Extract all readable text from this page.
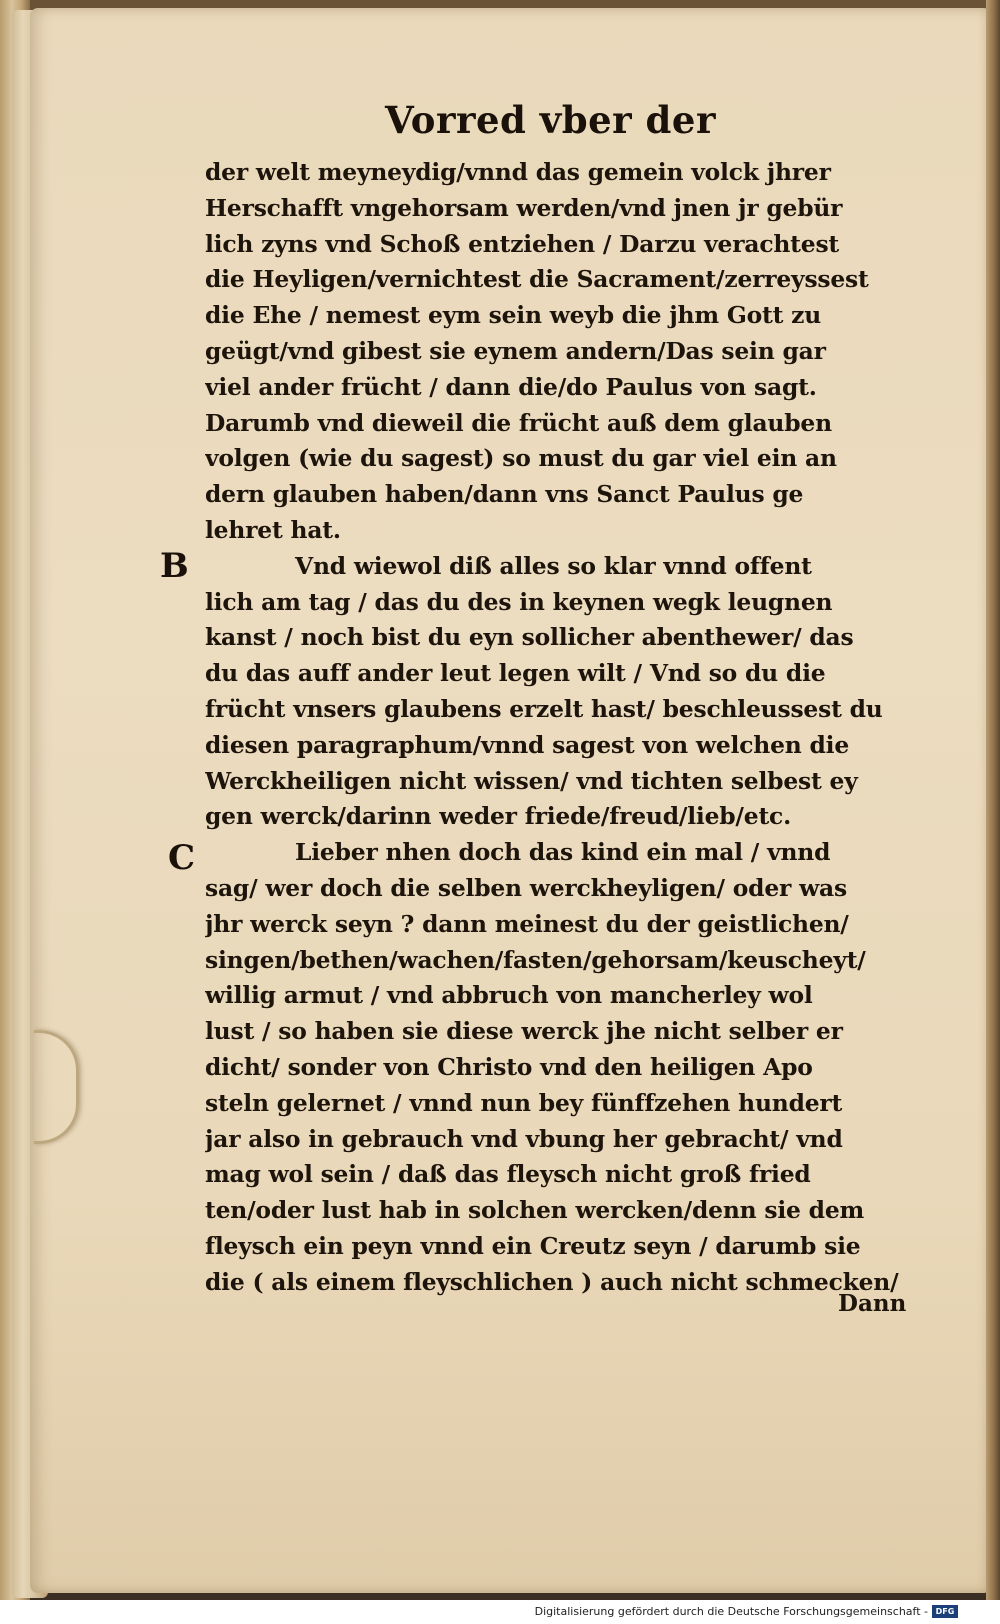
Vorred vber der
B
C
der welt meyneydig/vnnd das gemein volck jhrer
Herschafft vngehorsam werden/vnd jnen jr gebür
lich zyns vnd Schoß entziehen / Darzu verachtest
die Heyligen/vernichtest die Sacrament/zerreyssest
die Ehe / nemest eym sein weyb die jhm Gott zu
geügt/vnd gibest sie eynem andern/Das sein gar
viel ander frücht / dann die/do Paulus von sagt.
Darumb vnd dieweil die frücht auß dem glauben
volgen (wie du sagest) so must du gar viel ein an
dern glauben haben/dann vns Sanct Paulus ge
lehret hat.
Vnd wiewol diß alles so klar vnnd offent
lich am tag / das du des in keynen wegk leugnen
kanst / noch bist du eyn sollicher abenthewer/ das
du das auff ander leut legen wilt / Vnd so du die
frücht vnsers glaubens erzelt hast/ beschleussest du
diesen paragraphum/vnnd sagest von welchen die
Werckheiligen nicht wissen/ vnd tichten selbest ey
gen werck/darinn weder friede/freud/lieb/etc.
Lieber nhen doch das kind ein mal / vnnd
sag/ wer doch die selben werckheyligen/ oder was
jhr werck seyn ? dann meinest du der geistlichen/
singen/bethen/wachen/fasten/gehorsam/keuscheyt/
willig armut / vnd abbruch von mancherley wol
lust / so haben sie diese werck jhe nicht selber er
dicht/ sonder von Christo vnd den heiligen Apo
steln gelernet / vnnd nun bey fünffzehen hundert
jar also in gebrauch vnd vbung her gebracht/ vnd
mag wol sein / daß das fleysch nicht groß fried
ten/oder lust hab in solchen wercken/denn sie dem
fleysch ein peyn vnnd ein Creutz seyn / darumb sie
die ( als einem fleyschlichen ) auch nicht schmecken/
Dann
Digitalisierung gefördert durch die Deutsche Forschungsgemeinschaft - DFG
